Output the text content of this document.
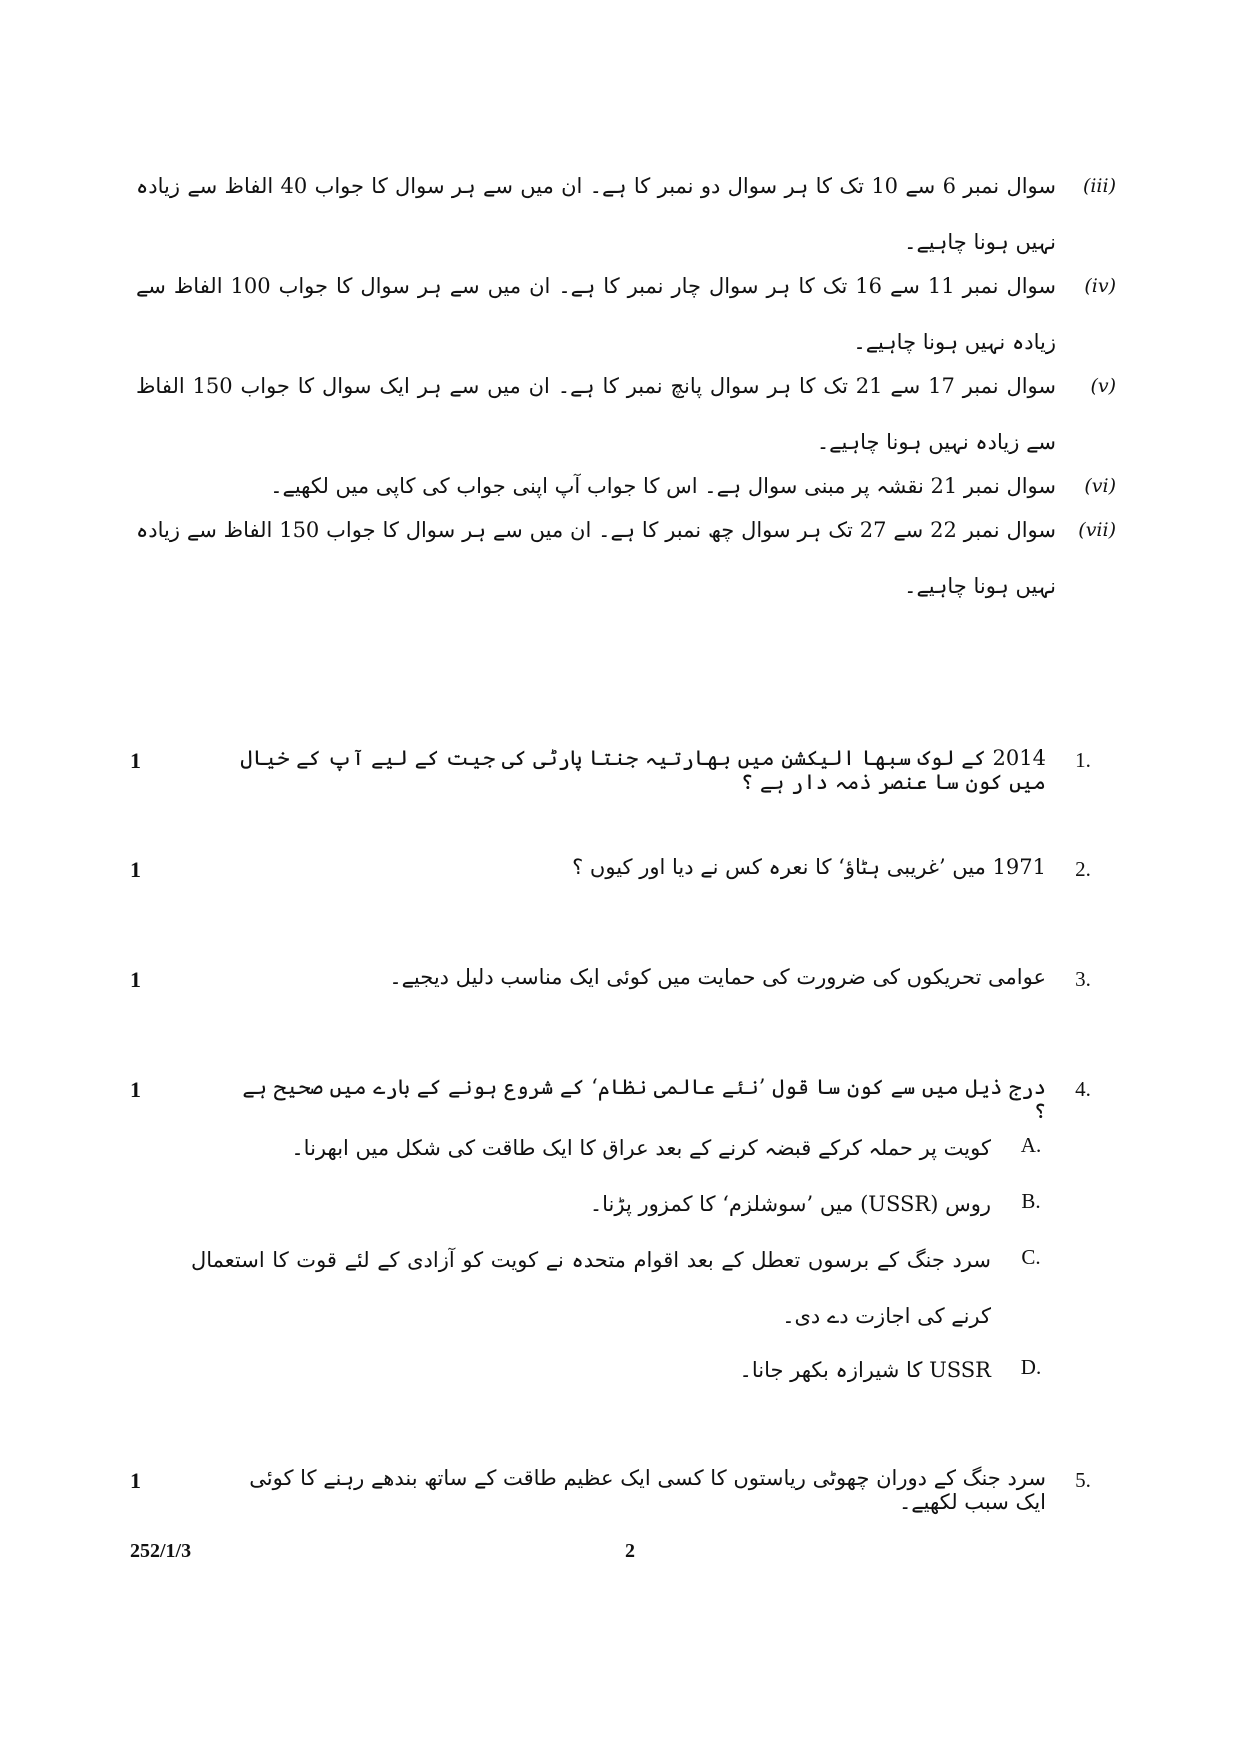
(iii)
سوال نمبر 6 سے 10 تک کا ہر سوال دو نمبر کا ہے۔ ان میں سے ہر سوال کا جواب 40 الفاظ سے زیادہ نہیں ہونا چاہیے۔
(iv)
سوال نمبر 11 سے 16 تک کا ہر سوال چار نمبر کا ہے۔ ان میں سے ہر سوال کا جواب 100 الفاظ سے زیادہ نہیں ہونا چاہیے۔
(v)
سوال نمبر 17 سے 21 تک کا ہر سوال پانچ نمبر کا ہے۔ ان میں سے ہر ایک سوال کا جواب 150 الفاظ سے زیادہ نہیں ہونا چاہیے۔
(vi)
سوال نمبر 21 نقشہ پر مبنی سوال ہے۔ اس کا جواب آپ اپنی جواب کی کاپی میں لکھیے۔
(vii)
سوال نمبر 22 سے 27 تک ہر سوال چھ نمبر کا ہے۔ ان میں سے ہر سوال کا جواب 150 الفاظ سے زیادہ نہیں ہونا چاہیے۔
1.
2014 کے لوک سبھا الیکشن میں بھارتیہ جنتا پارٹی کی جیت کے لیے آپ کے خیال میں کون سا عنصر ذمہ دار ہے ؟
1
2.
1971 میں ’غریبی ہٹاؤ‘ کا نعرہ کس نے دیا اور کیوں ؟
1
3.
عوامی تحریکوں کی ضرورت کی حمایت میں کوئی ایک مناسب دلیل دیجیے۔
1
4.
درج ذیل میں سے کون سا قول ’نئے عالمی نظام‘ کے شروع ہونے کے بارے میں صحیح ہے ؟
1
A.
کویت پر حملہ کرکے قبضہ کرنے کے بعد عراق کا ایک طاقت کی شکل میں ابھرنا۔
B.
روس (USSR) میں ’سوشلزم‘ کا کمزور پڑنا۔
C.
سرد جنگ کے برسوں تعطل کے بعد اقوام متحدہ نے کویت کو آزادی کے لئے قوت کا استعمال کرنے کی اجازت دے دی۔
D.
USSR کا شیرازہ بکھر جانا۔
5.
سرد جنگ کے دوران چھوٹی ریاستوں کا کسی ایک عظیم طاقت کے ساتھ بندھے رہنے کا کوئی ایک سبب لکھیے۔
1
252/1/3	2
